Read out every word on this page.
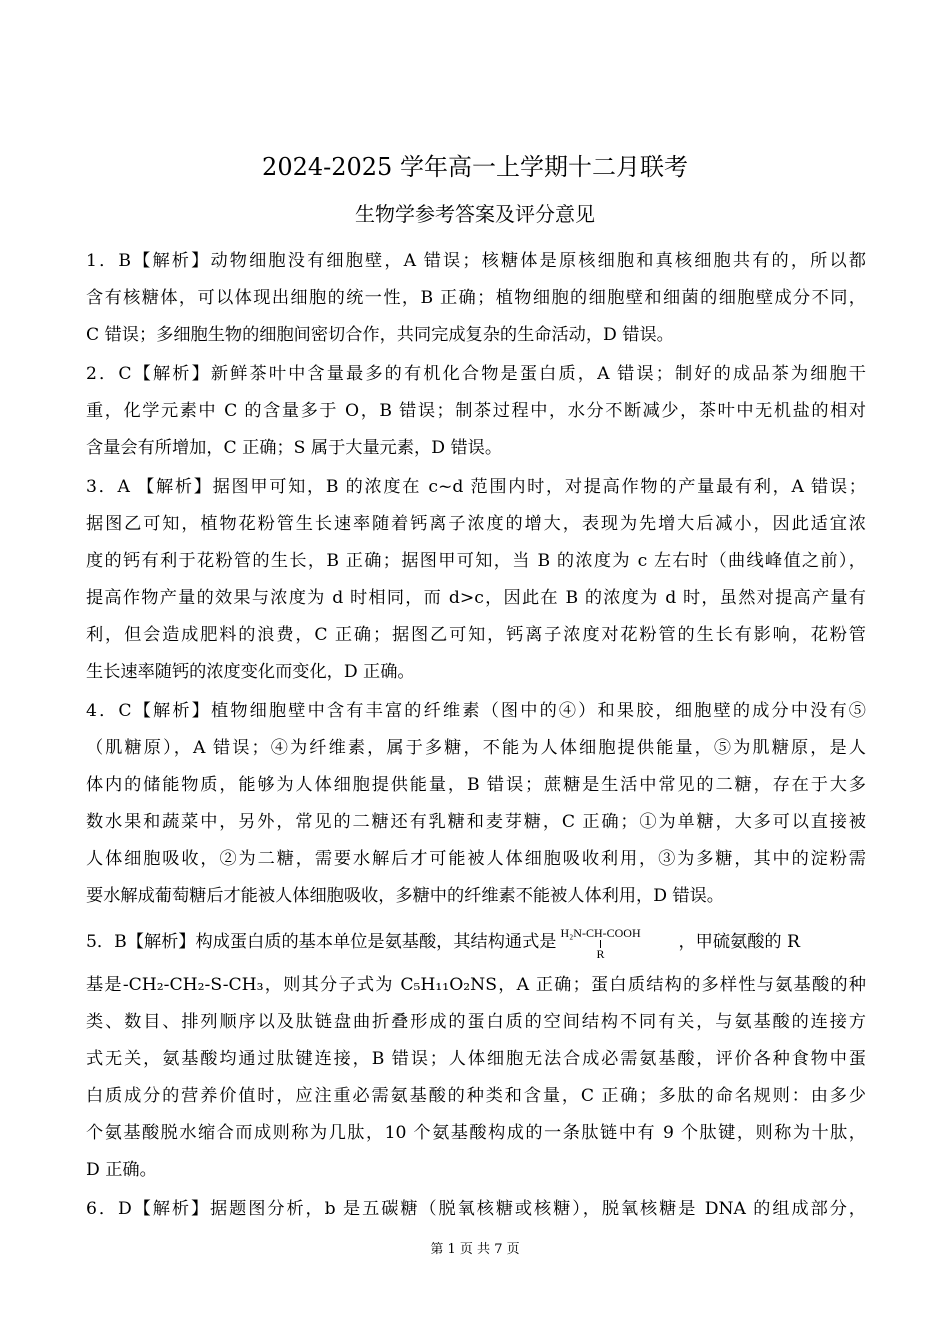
2024-2025 学年高一上学期十二月联考
生物学参考答案及评分意见
1．B【解析】动物细胞没有细胞壁，A 错误；核糖体是原核细胞和真核细胞共有的，所以都
含有核糖体，可以体现出细胞的统一性，B 正确；植物细胞的细胞壁和细菌的细胞壁成分不同，
C 错误；多细胞生物的细胞间密切合作，共同完成复杂的生命活动，D 错误。
2．C【解析】新鲜茶叶中含量最多的有机化合物是蛋白质，A 错误；制好的成品茶为细胞干
重，化学元素中 C 的含量多于 O，B 错误；制茶过程中，水分不断减少，茶叶中无机盐的相对
含量会有所增加，C 正确；S 属于大量元素，D 错误。
3．A 【解析】据图甲可知，B 的浓度在 c~d 范围内时，对提高作物的产量最有利，A 错误；
据图乙可知，植物花粉管生长速率随着钙离子浓度的增大，表现为先增大后减小，因此适宜浓
度的钙有利于花粉管的生长，B 正确；据图甲可知，当 B 的浓度为 c 左右时（曲线峰值之前），
提高作物产量的效果与浓度为 d 时相同，而 d>c，因此在 B 的浓度为 d 时，虽然对提高产量有
利，但会造成肥料的浪费，C 正确；据图乙可知，钙离子浓度对花粉管的生长有影响，花粉管
生长速率随钙的浓度变化而变化，D 正确。
4．C【解析】植物细胞壁中含有丰富的纤维素（图中的④）和果胶，细胞壁的成分中没有⑤
（肌糖原），A 错误；④为纤维素，属于多糖，不能为人体细胞提供能量，⑤为肌糖原，是人
体内的储能物质，能够为人体细胞提供能量，B 错误；蔗糖是生活中常见的二糖，存在于大多
数水果和蔬菜中，另外，常见的二糖还有乳糖和麦芽糖，C 正确；①为单糖，大多可以直接被
人体细胞吸收，②为二糖，需要水解后才可能被人体细胞吸收利用，③为多糖，其中的淀粉需
要水解成葡萄糖后才能被人体细胞吸收，多糖中的纤维素不能被人体利用，D 错误。
5．B【解析】构成蛋白质的基本单位是氨基酸，其结构通式是 H₂N-CH-COOH
R
，甲硫氨酸的 R
基是-CH₂-CH₂-S-CH₃，则其分子式为 C₅H₁₁O₂NS，A 正确；蛋白质结构的多样性与氨基酸的种
类、数目、排列顺序以及肽链盘曲折叠形成的蛋白质的空间结构不同有关，与氨基酸的连接方
式无关，氨基酸均通过肽键连接，B 错误；人体细胞无法合成必需氨基酸，评价各种食物中蛋
白质成分的营养价值时，应注重必需氨基酸的种类和含量，C 正确；多肽的命名规则：由多少
个氨基酸脱水缩合而成则称为几肽，10 个氨基酸构成的一条肽链中有 9 个肽键，则称为十肽，
D 正确。
6．D【解析】据题图分析，b 是五碳糖（脱氧核糖或核糖），脱氧核糖是 DNA 的组成部分，
第 1 页 共 7 页
